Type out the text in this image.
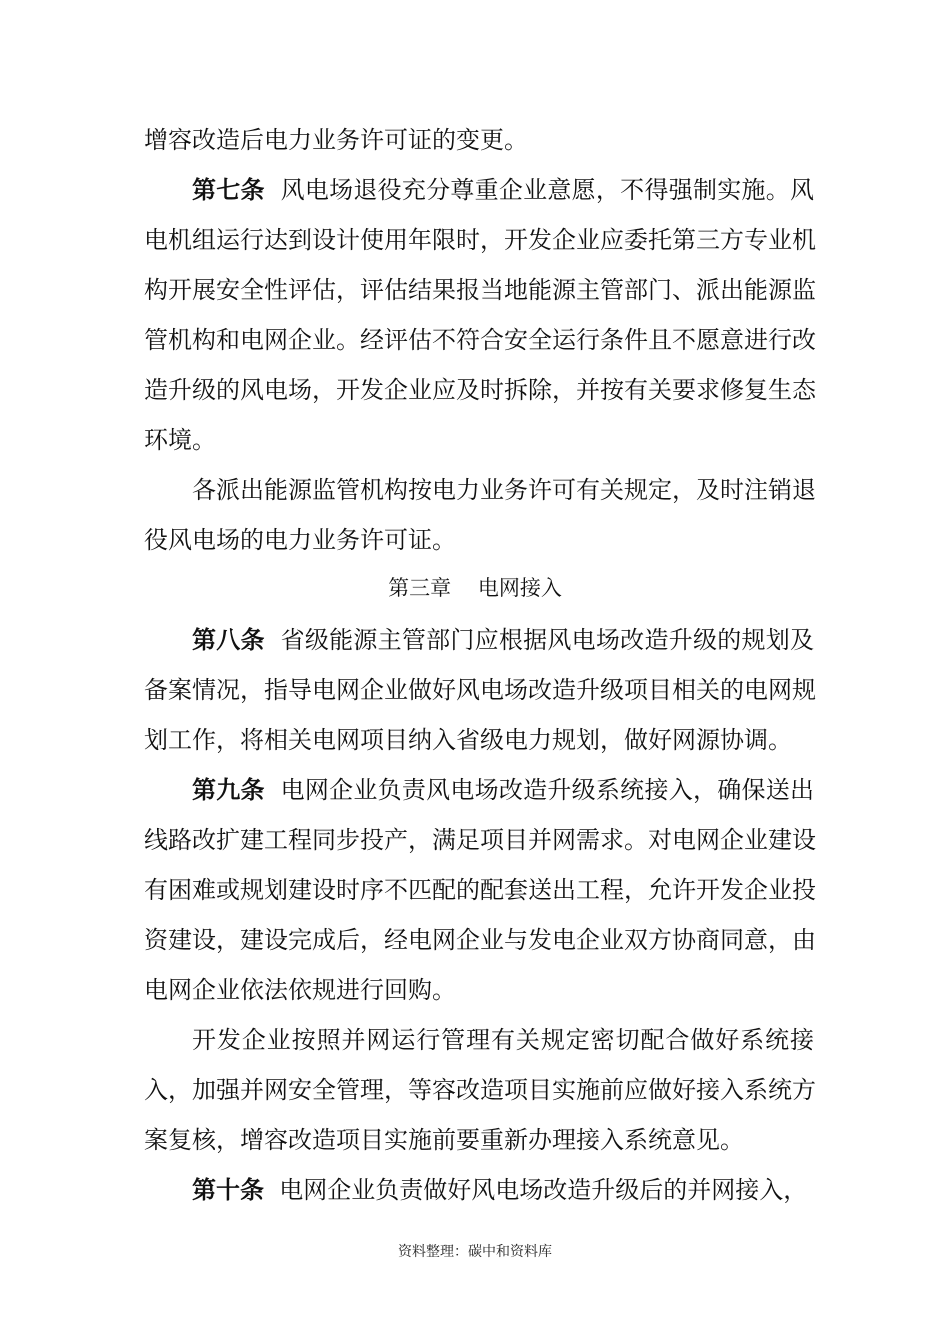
增容改造后电力业务许可证的变更。
第七条 风电场退役充分尊重企业意愿，不得强制实施。风
电机组运行达到设计使用年限时，开发企业应委托第三方专业机
构开展安全性评估，评估结果报当地能源主管部门、派出能源监
管机构和电网企业。经评估不符合安全运行条件且不愿意进行改
造升级的风电场，开发企业应及时拆除，并按有关要求修复生态
环境。
各派出能源监管机构按电力业务许可有关规定，及时注销退
役风电场的电力业务许可证。
第三章    电网接入
第八条 省级能源主管部门应根据风电场改造升级的规划及
备案情况，指导电网企业做好风电场改造升级项目相关的电网规
划工作，将相关电网项目纳入省级电力规划，做好网源协调。
第九条 电网企业负责风电场改造升级系统接入，确保送出
线路改扩建工程同步投产，满足项目并网需求。对电网企业建设
有困难或规划建设时序不匹配的配套送出工程，允许开发企业投
资建设，建设完成后，经电网企业与发电企业双方协商同意，由
电网企业依法依规进行回购。
开发企业按照并网运行管理有关规定密切配合做好系统接
入，加强并网安全管理，等容改造项目实施前应做好接入系统方
案复核，增容改造项目实施前要重新办理接入系统意见。
第十条 电网企业负责做好风电场改造升级后的并网接入，
资料整理：碳中和资料库
